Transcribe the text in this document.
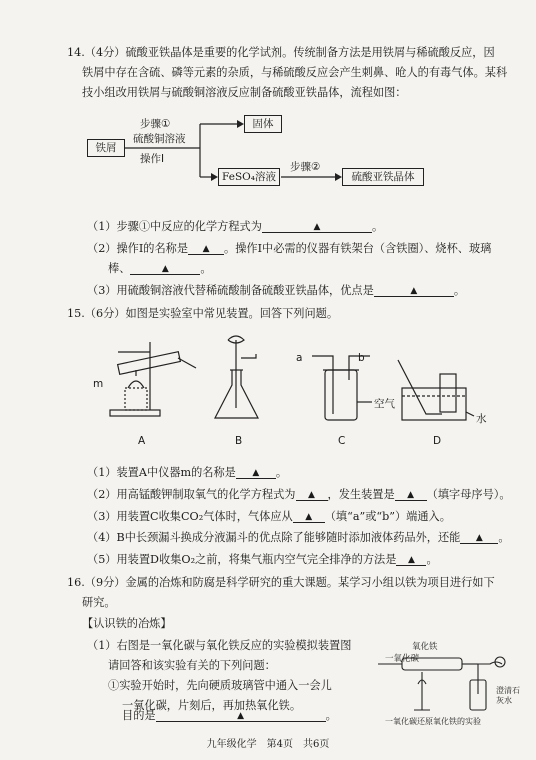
14.（4分）硫酸亚铁晶体是重要的化学试剂。传统制备方法是用铁屑与稀硫酸反应，因
铁屑中存在含硫、磷等元素的杂质，与稀硫酸反应会产生刺鼻、呛人的有毒气体。某科
技小组改用铁屑与硫酸铜溶液反应制备硫酸亚铁晶体，流程如图：
铁屑
步骤①
硫酸铜溶液
操作Ⅰ
固体
FeSO₄溶液
步骤②
硫酸亚铁晶体
（1）步骤①中反应的化学方程式为	▲	。
（2）操作Ⅰ的名称是 ▲ 。操作Ⅰ中必需的仪器有铁架台（含铁圈）、烧杯、玻璃
棒、	▲	。
（3）用硫酸铜溶液代替稀硫酸制备硫酸亚铁晶体，优点是	▲	。
15.（6分）如图是实验室中常见装置。回答下列问题。
m
A	B	C	D
a	b
空气
水
（1）装置A中仪器m的名称是 ▲ 。
（2）用高锰酸钾制取氧气的化学方程式为 ▲ ，发生装置是 ▲ （填字母序号）。
（3）用装置C收集CO₂气体时，气体应从 ▲ （填“a”或“b”）端通入。
（4）B中长颈漏斗换成分液漏斗的优点除了能够随时添加液体药品外，还能 ▲ 。
（5）用装置D收集O₂之前，将集气瓶内空气完全排净的方法是 ▲ 。
16.（9分）金属的冶炼和防腐是科学研究的重大课题。某学习小组以铁为项目进行如下
研究。
【认识铁的冶炼】
（1）右图是一氧化碳与氧化铁反应的实验模拟装置图
请回答和该实验有关的下列问题：
①实验开始时，先向硬质玻璃管中通入一会儿
一氧化碳，片刻后，再加热氧化铁。
目的是	▲	。
一氧化碳
氧化铁
澄清石灰水
一氧化碳还原氧化铁的实验
九年级化学　第4页　共6页
